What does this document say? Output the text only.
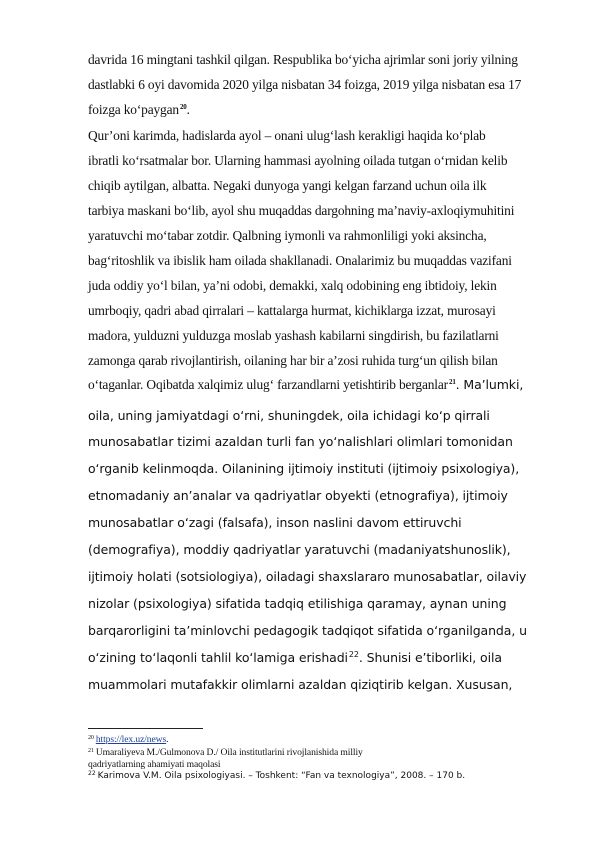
davrida 16 mingtani tashkil qilgan. Respublika bo‘yicha ajrimlar soni joriy yilning
dastlabki 6 oyi davomida 2020 yilga nisbatan 34 foizga, 2019 yilga nisbatan esa 17
foizga ko‘paygan$^{20}$.
Qur’oni karimda, hadislarda ayol – onani ulug‘lash kerakligi haqida ko‘plab
ibratli ko‘rsatmalar bor. Ularning hammasi ayolning oilada tutgan o‘rnidan kelib
chiqib aytilgan, albatta. Negaki dunyoga yangi kelgan farzand uchun oila ilk
tarbiya maskani bo‘lib, ayol shu muqaddas dargohning ma’naviy-axloqiymuhitini
yaratuvchi mo‘tabar zotdir. Qalbning iymonli va rahmonliligi yoki aksincha,
bag‘ritoshlik va ibislik ham oilada shakllanadi. Onalarimiz bu muqaddas vazifani
juda oddiy yo‘l bilan, ya’ni odobi, demakki, xalq odobining eng ibtidoiy, lekin
umrboqiy, qadri abad qirralari – kattalarga hurmat, kichiklarga izzat, murosayi
madora, yulduzni yulduzga moslab yashash kabilarni singdirish, bu fazilatlarni
zamonga qarab rivojlantirish, oilaning har bir a’zosi ruhida turg‘un qilish bilan
o‘taganlar. Oqibatda xalqimiz ulug‘ farzandlarni yetishtirib berganlar$^{21}$. Ma’lumki,
oila, uning jamiyatdagi o‘rni, shuningdek, oila ichidagi ko‘p qirrali
munosabatlar tizimi azaldan turli fan yo‘nalishlari olimlari tomonidan
o‘rganib kelinmoqda. Oilanining ijtimoiy instituti (ijtimoiy psixologiya),
etnomadaniy an’analar va qadriyatlar obyekti (etnografiya), ijtimoiy
munosabatlar o‘zagi (falsafa), inson naslini davom ettiruvchi
(demografiya), moddiy qadriyatlar yaratuvchi (madaniyatshunoslik),
ijtimoiy holati (sotsiologiya), oiladagi shaxslararo munosabatlar, oilaviy
nizolar (psixologiya) sifatida tadqiq etilishiga qaramay, aynan uning
barqarorligini ta’minlovchi pedagogik tadqiqot sifatida o‘rganilganda, u
o‘zining to‘laqonli tahlil ko‘lamiga erishadi$^{22}$. Shunisi e’tiborliki, oila
muammolari mutafakkir olimlarni azaldan qiziqtirib kelgan. Xususan,
$^{20}$ https://lex.uz/news.
$^{21}$ Umaraliyeva M./Gulmonova D./ Oila institutlarini rivojlanishida milliy
qadriyatlarning ahamiyati maqolasi
$^{22}$ Karimova V.M. Oila psixologiyasi. – Toshkent: “Fan va texnologiya”, 2008. – 170 b.
